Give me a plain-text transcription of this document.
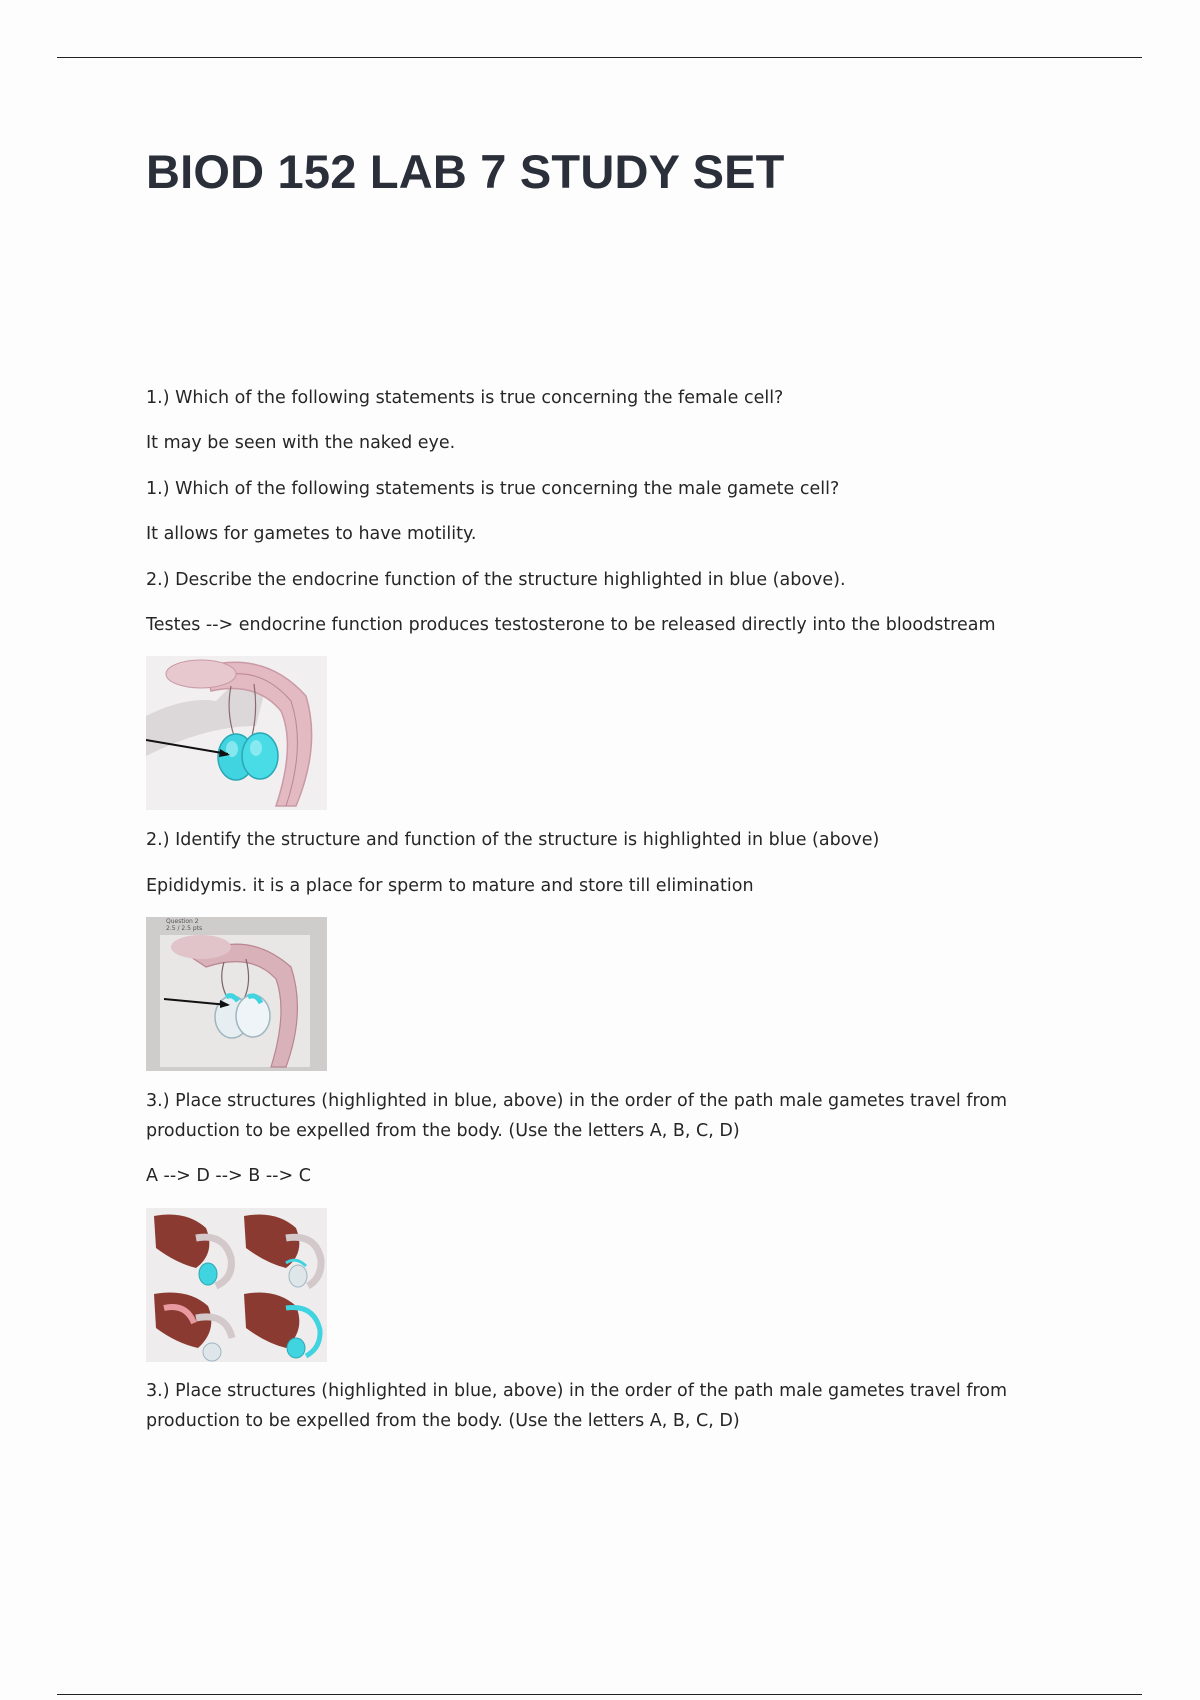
BIOD 152 LAB 7 STUDY SET

1.) Which of the following statements is true concerning the female cell?

It may be seen with the naked eye.

1.) Which of the following statements is true concerning the male gamete cell?

It allows for gametes to have motility.

2.) Describe the endocrine function of the structure highlighted in blue (above).

Testes --> endocrine function produces testosterone to be released directly into the bloodstream

2.) Identify the structure and function of the structure is highlighted in blue (above)

Epididymis. it is a place for sperm to mature and store till elimination

Question 2 2.5 / 2.5 pts

3.) Place structures (highlighted in blue, above) in the order of the path male gametes travel from production to be expelled from the body. (Use the letters A, B, C, D)

A --> D --> B --> C

3.) Place structures (highlighted in blue, above) in the order of the path male gametes travel from production to be expelled from the body. (Use the letters A, B, C, D)
